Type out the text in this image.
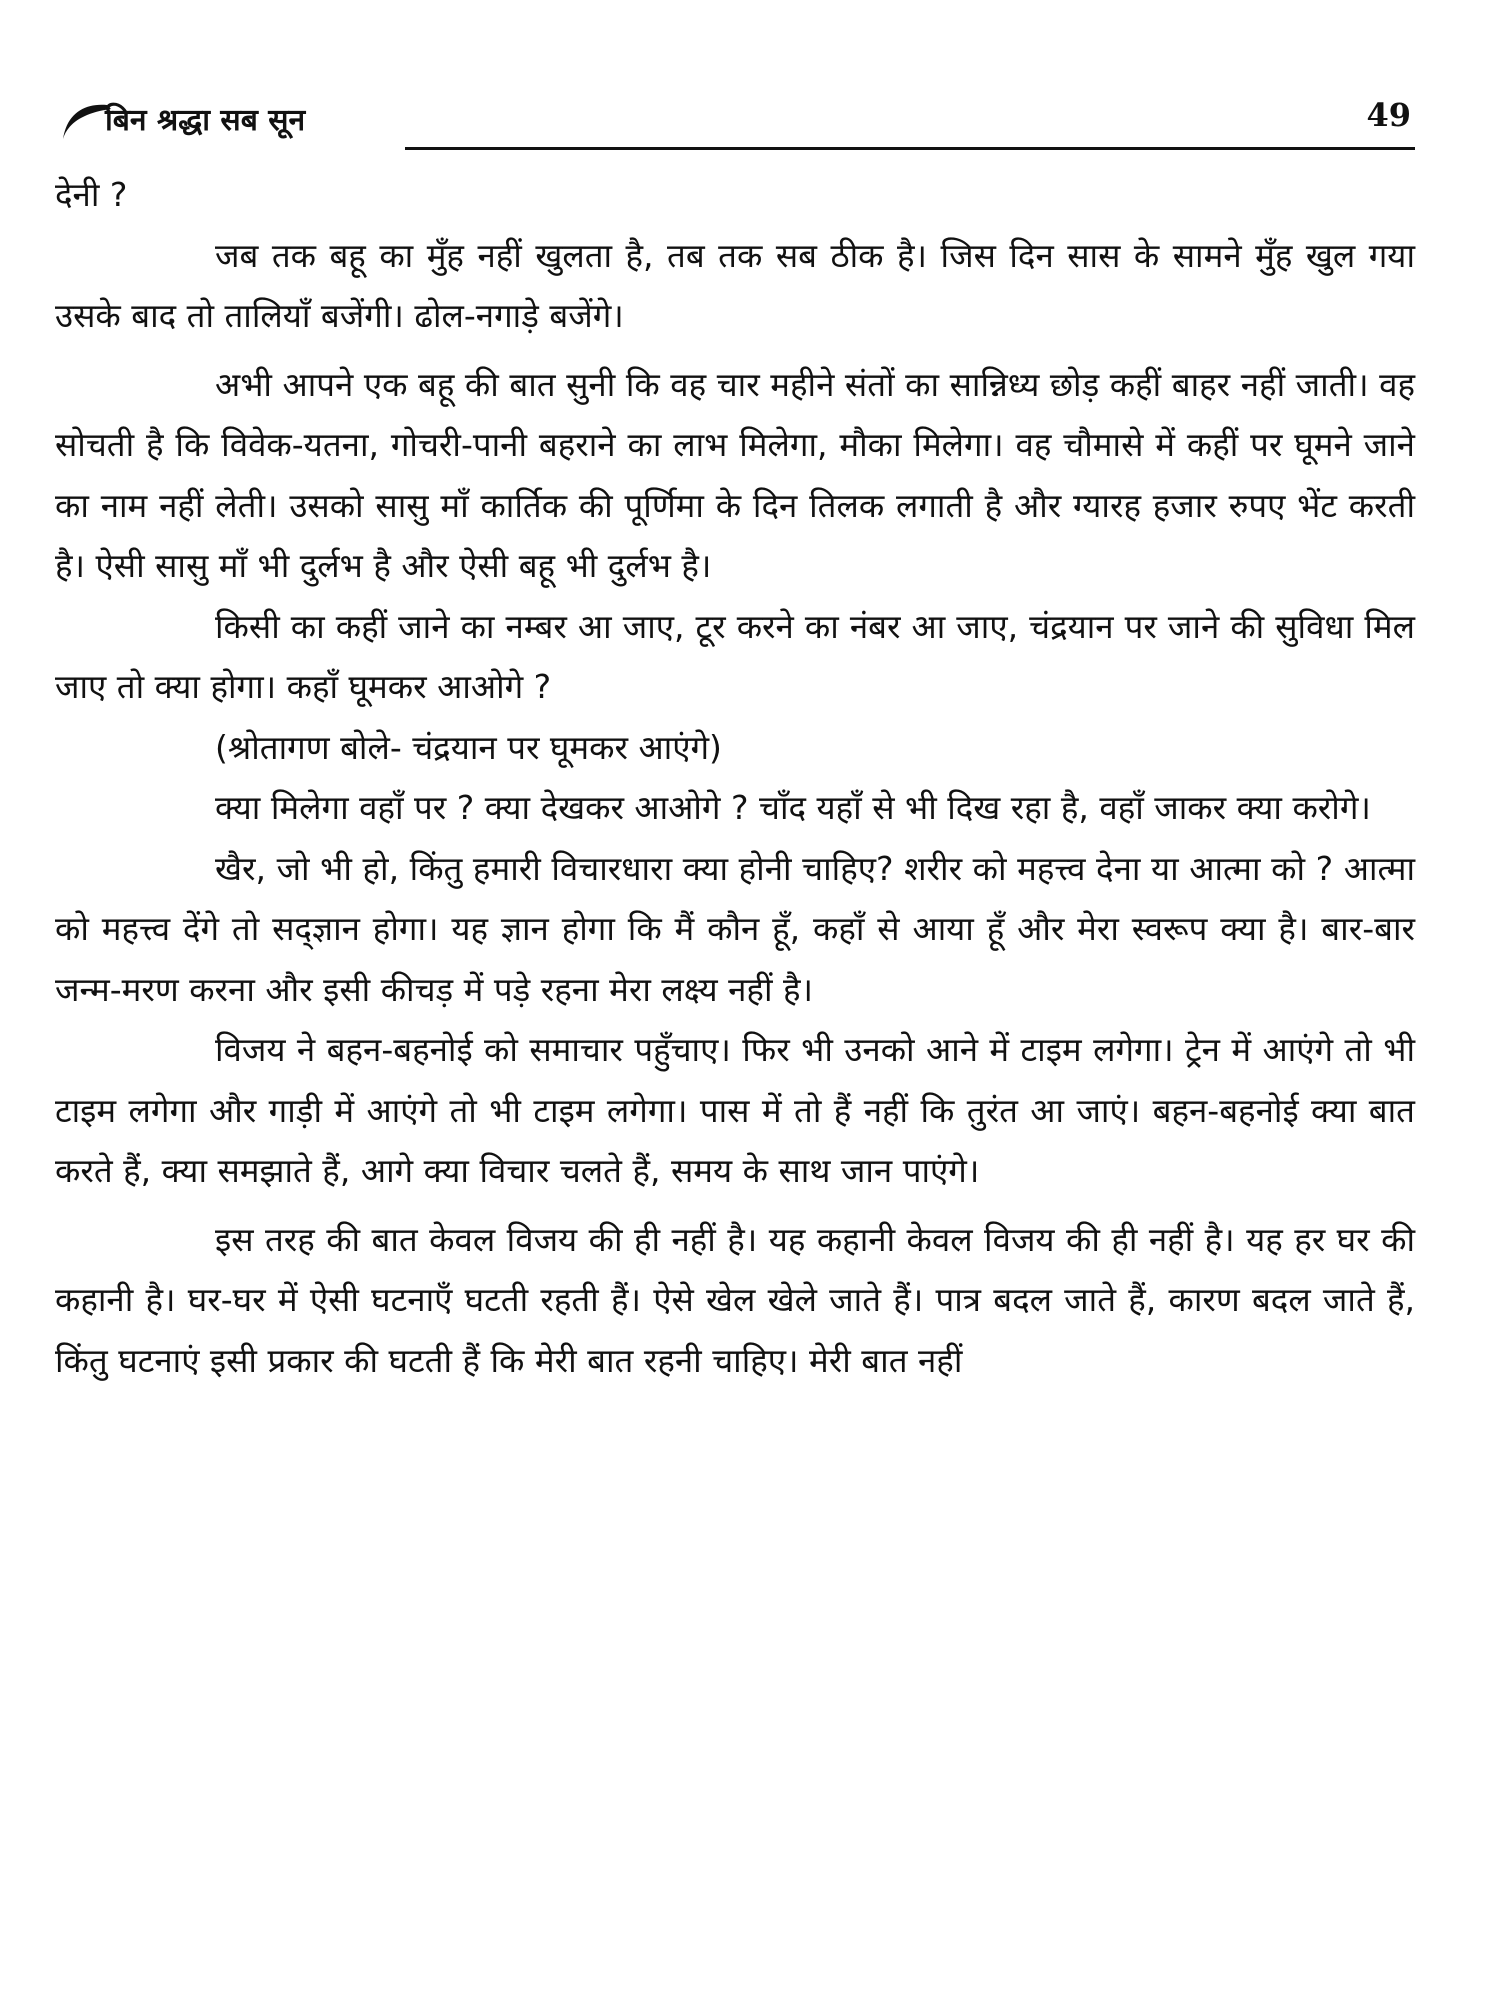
बिन श्रद्धा सब सून	49

देनी ?

जब तक बहू का मुँह नहीं खुलता है, तब तक सब ठीक है। जिस दिन सास के सामने मुँह खुल गया उसके बाद तो तालियाँ बजेंगी। ढोल-नगाड़े बजेंगे।

अभी आपने एक बहू की बात सुनी कि वह चार महीने संतों का सान्निध्य छोड़ कहीं बाहर नहीं जाती। वह सोचती है कि विवेक-यतना, गोचरी-पानी बहराने का लाभ मिलेगा, मौका मिलेगा। वह चौमासे में कहीं पर घूमने जाने का नाम नहीं लेती। उसको सासु माँ कार्तिक की पूर्णिमा के दिन तिलक लगाती है और ग्यारह हजार रुपए भेंट करती है। ऐसी सासु माँ भी दुर्लभ है और ऐसी बहू भी दुर्लभ है।

किसी का कहीं जाने का नम्बर आ जाए, टूर करने का नंबर आ जाए, चंद्रयान पर जाने की सुविधा मिल जाए तो क्या होगा। कहाँ घूमकर आओगे ?

(श्रोतागण बोले- चंद्रयान पर घूमकर आएंगे)

क्या मिलेगा वहाँ पर ? क्या देखकर आओगे ? चाँद यहाँ से भी दिख रहा है, वहाँ जाकर क्या करोगे।

खैर, जो भी हो, किंतु हमारी विचारधारा क्या होनी चाहिए? शरीर को महत्त्व देना या आत्मा को ? आत्मा को महत्त्व देंगे तो सद्ज्ञान होगा। यह ज्ञान होगा कि मैं कौन हूँ, कहाँ से आया हूँ और मेरा स्वरूप क्या है। बार-बार जन्म-मरण करना और इसी कीचड़ में पड़े रहना मेरा लक्ष्य नहीं है।

विजय ने बहन-बहनोई को समाचार पहुँचाए। फिर भी उनको आने में टाइम लगेगा। ट्रेन में आएंगे तो भी टाइम लगेगा और गाड़ी में आएंगे तो भी टाइम लगेगा। पास में तो हैं नहीं कि तुरंत आ जाएं। बहन-बहनोई क्या बात करते हैं, क्या समझाते हैं, आगे क्या विचार चलते हैं, समय के साथ जान पाएंगे।

इस तरह की बात केवल विजय की ही नहीं है। यह कहानी केवल विजय की ही नहीं है। यह हर घर की कहानी है। घर-घर में ऐसी घटनाएँ घटती रहती हैं। ऐसे खेल खेले जाते हैं। पात्र बदल जाते हैं, कारण बदल जाते हैं, किंतु घटनाएं इसी प्रकार की घटती हैं कि मेरी बात रहनी चाहिए। मेरी बात नहीं
